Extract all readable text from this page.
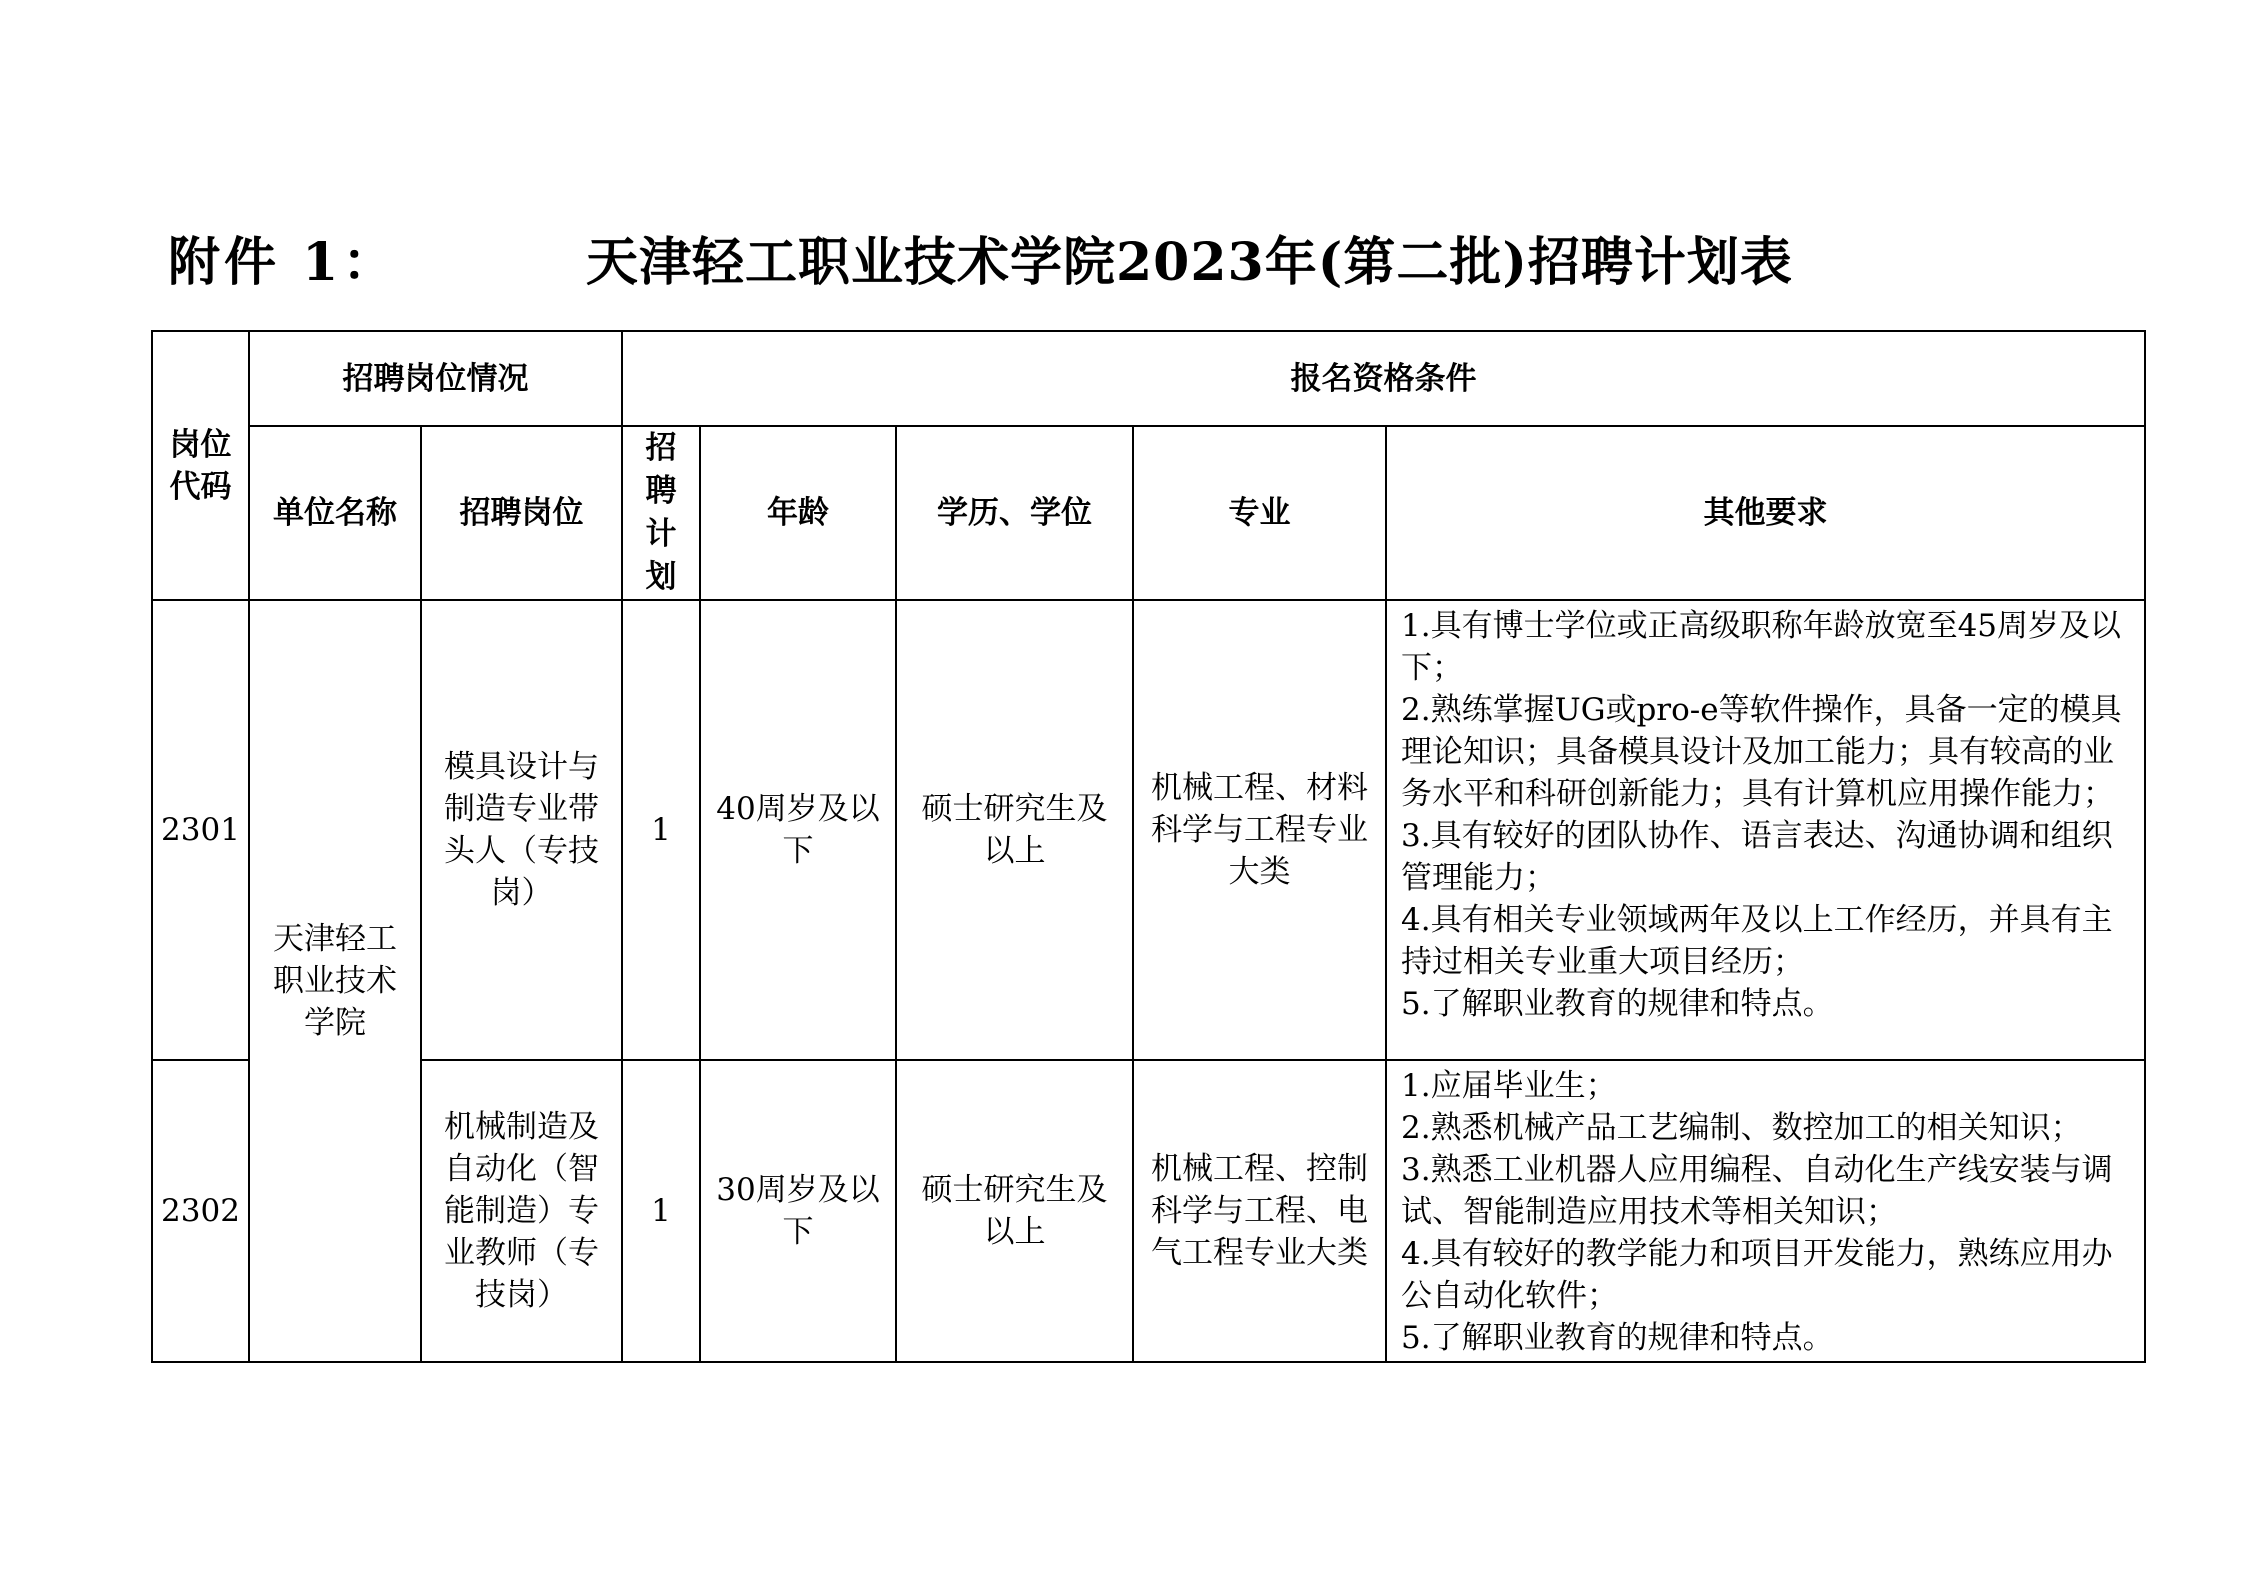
附件 1：	天津轻工职业技术学院2023年(第二批)招聘计划表
岗位代码	招聘岗位情况		报名资格条件				
	单位名称	招聘岗位	招聘计划	年龄	学历、学位	专业	其他要求
2301	天津轻工职业技术学院	模具设计与制造专业带头人（专技岗）	1	40周岁及以下	硕士研究生及以上	机械工程、材料科学与工程专业大类	1.具有博士学位或正高级职称年龄放宽至45周岁及以下；
2.熟练掌握UG或pro-e等软件操作，具备一定的模具理论知识；具备模具设计及加工能力；具有较高的业务水平和科研创新能力；具有计算机应用操作能力；
3.具有较好的团队协作、语言表达、沟通协调和组织管理能力；
4.具有相关专业领域两年及以上工作经历，并具有主持过相关专业重大项目经历；
5.了解职业教育的规律和特点。

2302		机械制造及自动化（智能制造）专业教师（专技岗）	1	30周岁及以下	硕士研究生及以上	机械工程、控制科学与工程、电气工程专业大类	1.应届毕业生；
2.熟悉机械产品工艺编制、数控加工的相关知识；
3.熟悉工业机器人应用编程、自动化生产线安装与调试、智能制造应用技术等相关知识；
4.具有较好的教学能力和项目开发能力，熟练应用办公自动化软件；
5.了解职业教育的规律和特点。
